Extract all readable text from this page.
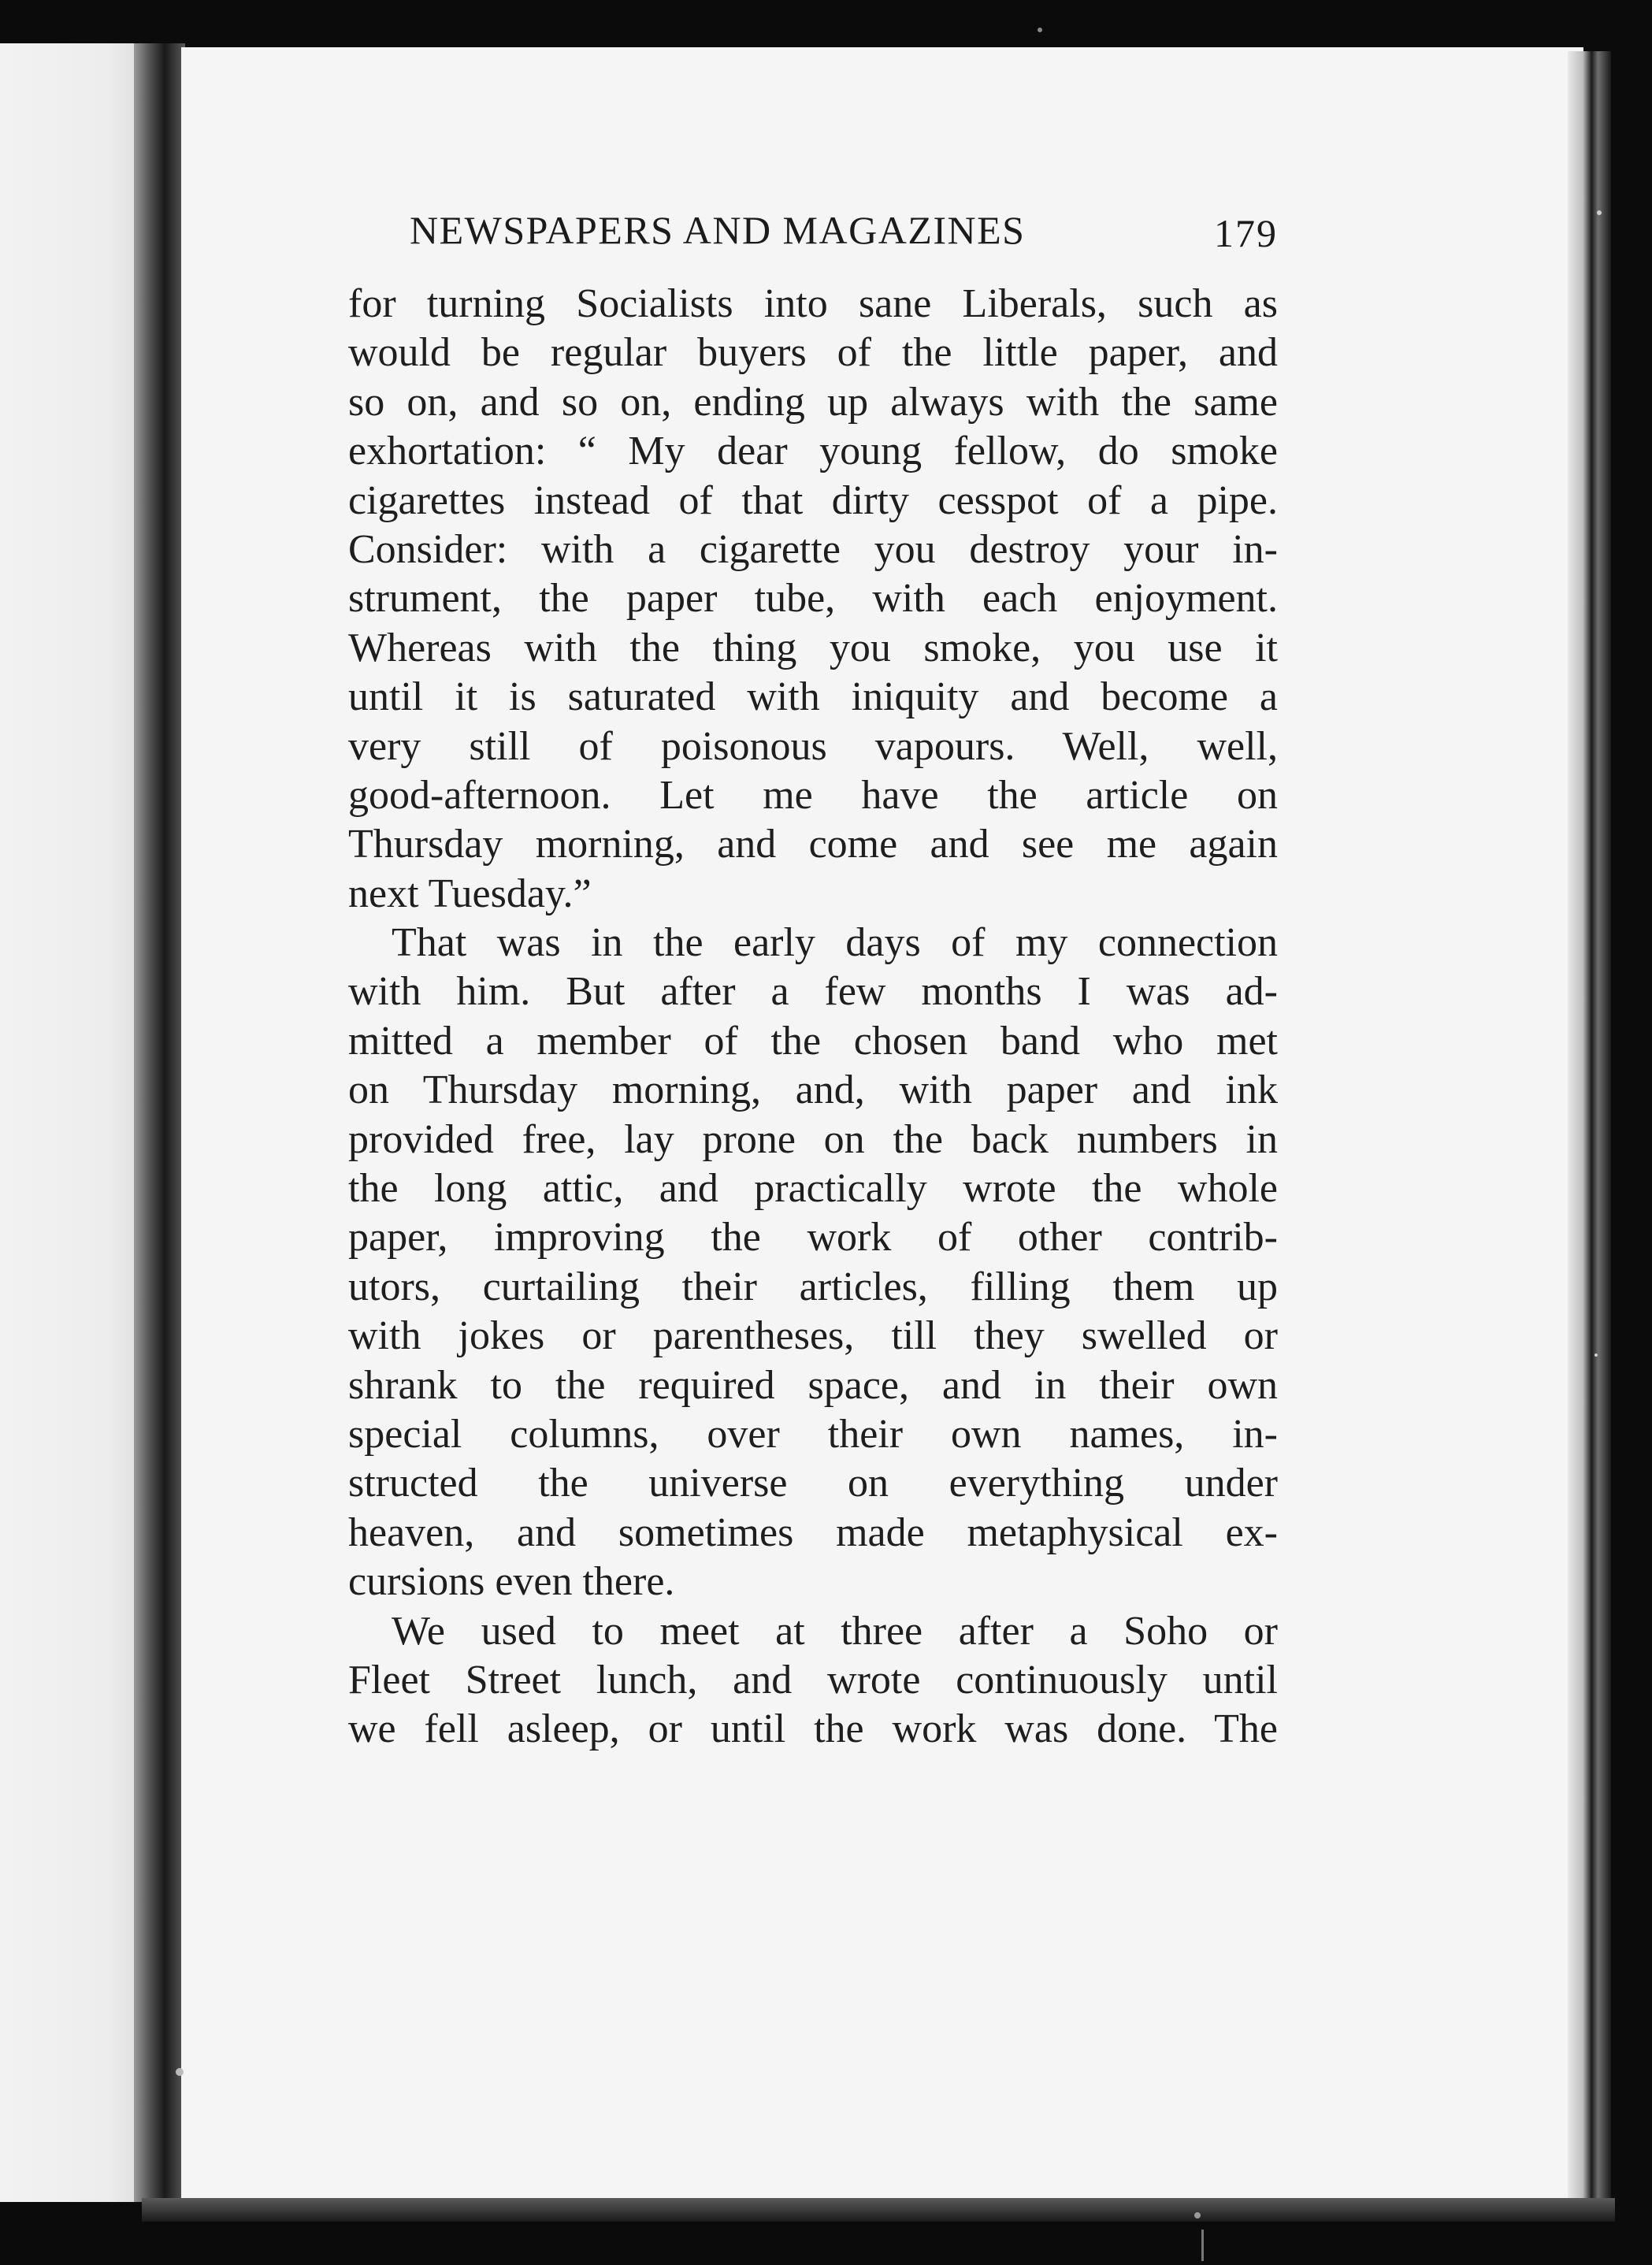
NEWSPAPERS AND MAGAZINES	179
for turning Socialists into sane Liberals, such as
would be regular buyers of the little paper, and
so on, and so on, ending up always with the same
exhortation: “ My dear young fellow, do smoke
cigarettes instead of that dirty cesspot of a pipe.
Consider: with a cigarette you destroy your in-
strument, the paper tube, with each enjoyment.
Whereas with the thing you smoke, you use it
until it is saturated with iniquity and become a
very still of poisonous vapours. Well, well,
good-afternoon. Let me have the article on
Thursday morning, and come and see me again
next Tuesday.”
That was in the early days of my connection
with him. But after a few months I was ad-
mitted a member of the chosen band who met
on Thursday morning, and, with paper and ink
provided free, lay prone on the back numbers in
the long attic, and practically wrote the whole
paper, improving the work of other contrib-
utors, curtailing their articles, filling them up
with jokes or parentheses, till they swelled or
shrank to the required space, and in their own
special columns, over their own names, in-
structed the universe on everything under
heaven, and sometimes made metaphysical ex-
cursions even there.
We used to meet at three after a Soho or
Fleet Street lunch, and wrote continuously until
we fell asleep, or until the work was done. The
